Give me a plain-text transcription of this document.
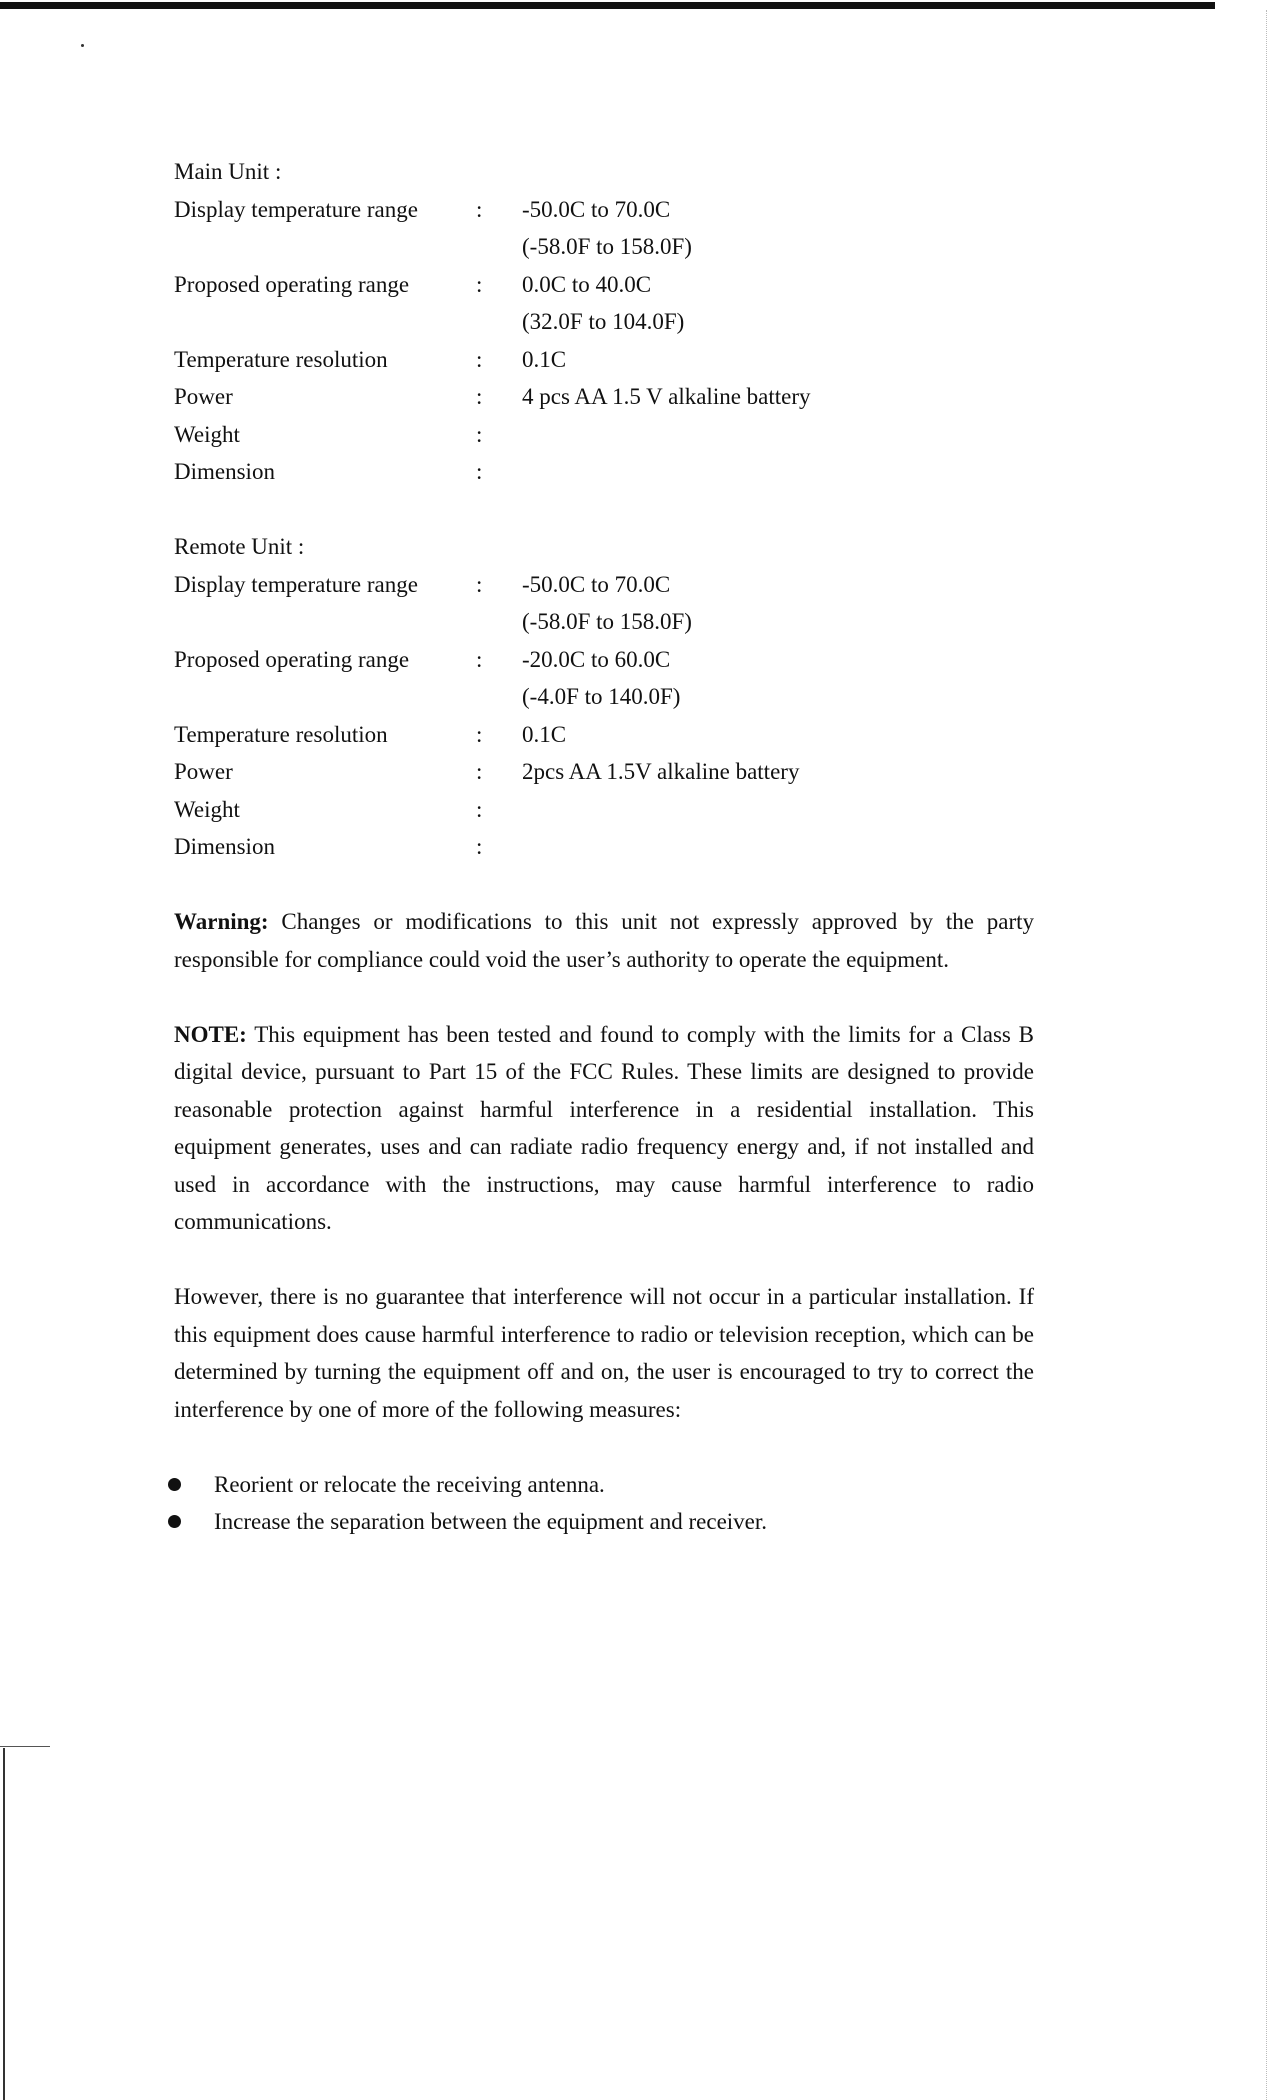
Main Unit :
Display temperature range	:	-50.0C to 70.0C
(-58.0F to 158.0F)
Proposed operating range	:	0.0C to 40.0C
(32.0F to 104.0F)
Temperature resolution	:	0.1C
Power	:	4 pcs AA 1.5 V alkaline battery
Weight	:
Dimension	:
Remote Unit :
Display temperature range	:	-50.0C to 70.0C
(-58.0F to 158.0F)
Proposed operating range	:	-20.0C to 60.0C
(-4.0F to 140.0F)
Temperature resolution	:	0.1C
Power	:	2pcs AA 1.5V alkaline battery
Weight	:
Dimension	:

Warning: Changes or modifications to this unit not expressly approved by the party responsible for compliance could void the user’s authority to operate the equipment.

NOTE: This equipment has been tested and found to comply with the limits for a Class B digital device, pursuant to Part 15 of the FCC Rules. These limits are designed to provide reasonable protection against harmful interference in a residential installation. This equipment generates, uses and can radiate radio frequency energy and, if not installed and used in accordance with the instructions, may cause harmful interference to radio communications.

However, there is no guarantee that interference will not occur in a particular installation. If this equipment does cause harmful interference to radio or television reception, which can be determined by turning the equipment off and on, the user is encouraged to try to correct the interference by one of more of the following measures:

Reorient or relocate the receiving antenna.
Increase the separation between the equipment and receiver.
